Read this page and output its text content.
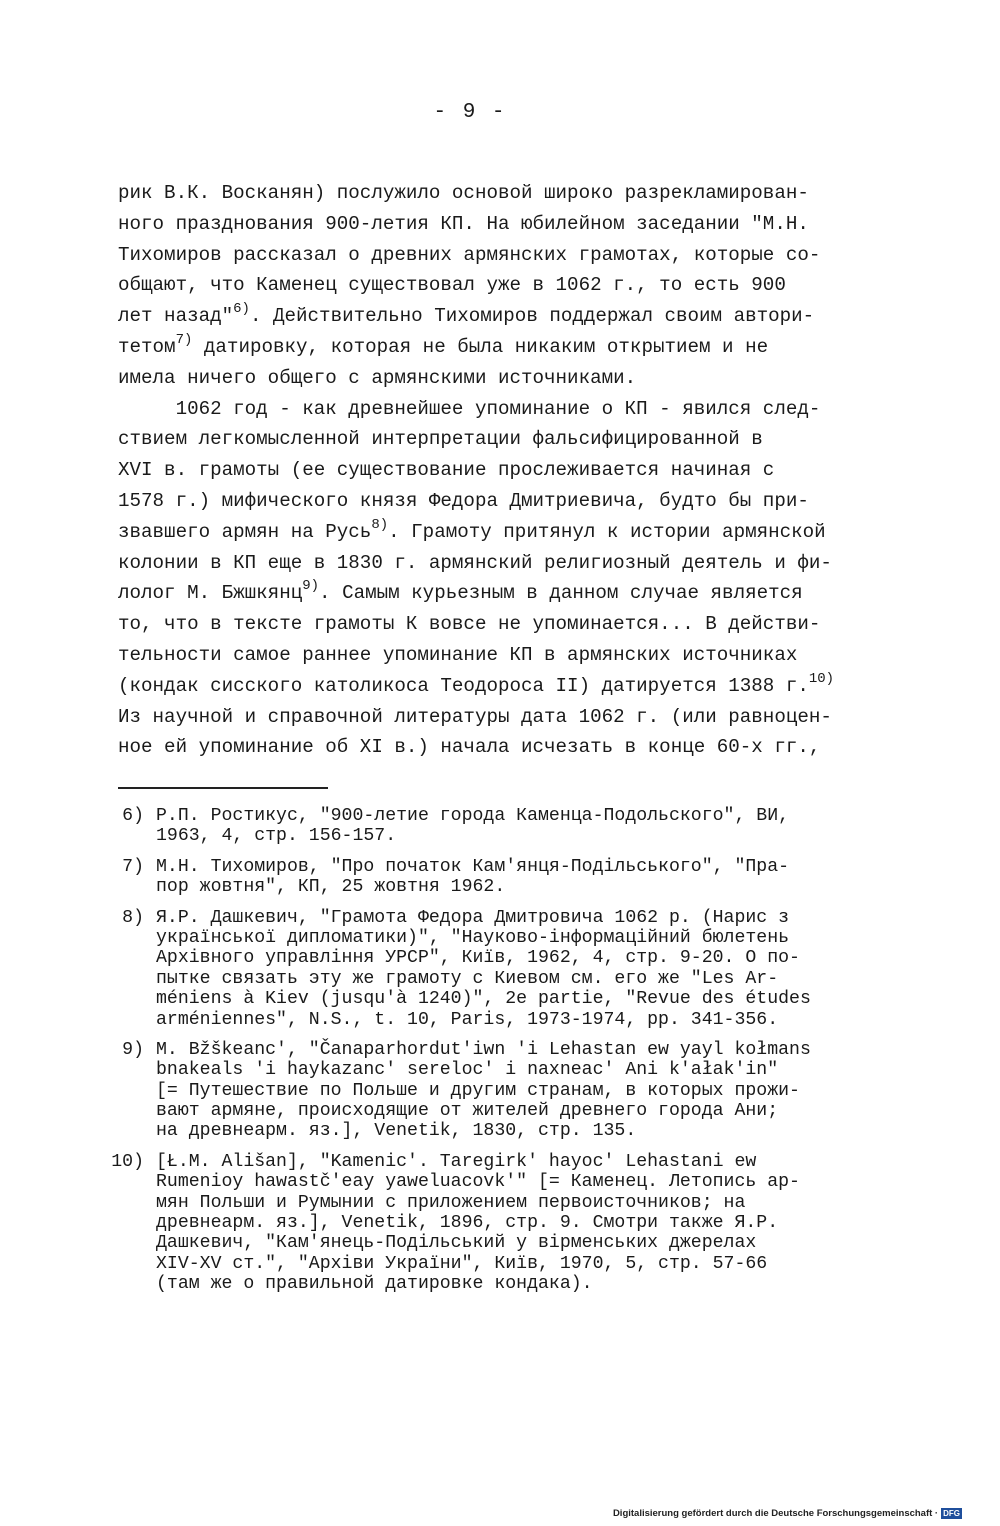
- 9 -
рик В.К. Восканян) послужило основой широко разрекламирован-
ного празднования 900-летия КП. На юбилейном заседании "М.Н.
Тихомиров рассказал о древних армянских грамотах, которые со-
общают, что Каменец существовал уже в 1062 г., то есть 900
лет назад"$^{6)}$. Действительно Тихомиров поддержал своим автори-
тетом$^{7)}$ датировку, которая не была никаким открытием и не
имела ничего общего с армянскими источниками.
1062 год - как древнейшее упоминание о КП - явился след-
ствием легкомысленной интерпретации фальсифицированной в
XVI в. грамоты (ее существование прослеживается начиная с
1578 г.) мифического князя Федора Дмитриевича, будто бы при-
звавшего армян на Русь$^{8)}$. Грамоту притянул к истории армянской
колонии в КП еще в 1830 г. армянский религиозный деятель и фи-
лолог М. Бжшкянц$^{9)}$. Самым курьезным в данном случае является
то, что в тексте грамоты К вовсе не упоминается... В действи-
тельности самое раннее упоминание КП в армянских источниках
(кондак сисского католикоса Теодороса II) датируется 1388 г.$^{10)}$
Из научной и справочной литературы дата 1062 г. (или равноцен-
ное ей упоминание об XI в.) начала исчезать в конце 60-х гг.,
6) Р.П. Ростикус, "900-летие города Каменца-Подольского", ВИ,
1963, 4, стр. 156-157.
7) М.Н. Тихомиров, "Про початок Кам'янця-Подільського", "Пра-
пор жовтня", КП, 25 жовтня 1962.
8) Я.Р. Дашкевич, "Грамота Федора Дмитровича 1062 р. (Нарис з
української дипломатики)", "Науково-інформаційний бюлетень
Архівного управління УРСР", Київ, 1962, 4, стр. 9-20. О по-
пытке связать эту же грамоту с Киевом см. его же "Les Ar-
méniens à Kiev (jusqu'à 1240)", 2e partie, "Revue des études
arméniennes", N.S., t. 10, Paris, 1973-1974, pp. 341-356.
9) M. Bžškeanc', "Čanaparhordut'iwn 'i Lehastan ew yayl kołmans
bnakeals 'i haykazanc' sereloc' i naxneac' Ani k'ałak'in"
[= Путешествие по Польше и другим странам, в которых прожи-
вают армяне, происходящие от жителей древнего города Ани;
на древнеарм. яз.], Venetik, 1830, стр. 135.
10) [Ł.M. Ališan], "Kamenic'. Taregirk' hayoc' Lehastani ew
Rumenioy hawastč'eay yaweluacovk'" [= Каменец. Летопись ар-
мян Польши и Румынии с приложением первоисточников; на
древнеарм. яз.], Venetik, 1896, стр. 9. Смотри также Я.Р.
Дашкевич, "Кам'янець-Подільський у вірменських джерелах
XIV-XV ст.", "Архіви України", Київ, 1970, 5, стр. 57-66
(там же о правильной датировке кондака).
Digitalisierung gefördert durch die Deutsche Forschungsgemeinschaft · DFG
